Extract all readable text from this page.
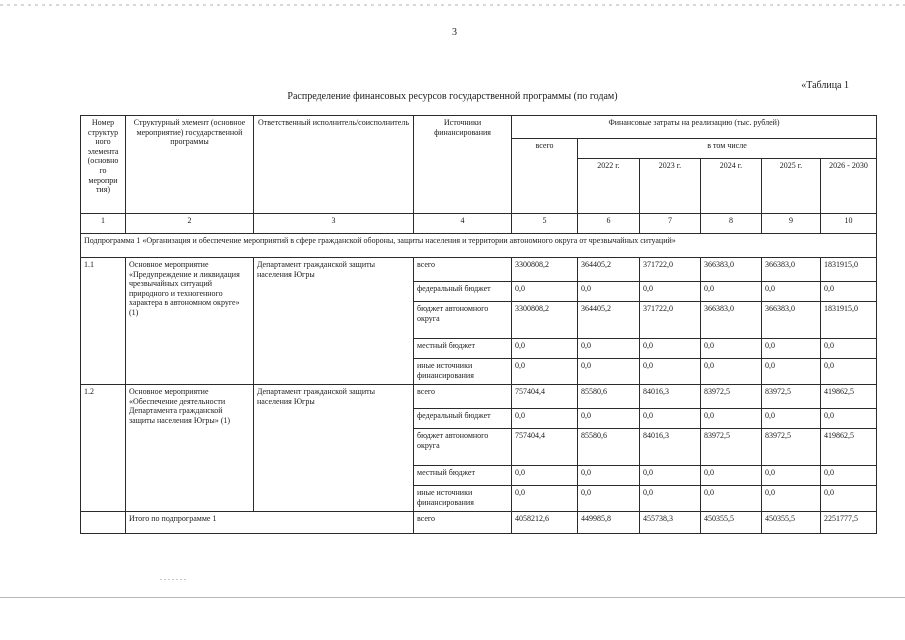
3
«Таблица 1
Распределение финансовых ресурсов государственной программы (по годам)
Номер структур ного элемента (основно го меропри тия)	Структурный элемент (основное мероприятие) государственной программы	Ответственный исполнитель/соисполнитель	Источники финансирования	Финансовые затраты на реализацию (тыс. рублей)					
				всего	в том числе				
					2022 г.	2023 г.	2024 г.	2025 г.	2026 - 2030
1	2	3	4	5	6	7	8	9	10
Подпрограмма 1 «Организация и обеспечение мероприятий в сфере гражданской обороны, защиты населения и территории автономного округа от чрезвычайных ситуаций»									
1.1	Основное мероприятие «Предупреждение и ликвидация чрезвычайных ситуаций природного и техногенного характера в автономном округе» (1)	Департамент гражданской защиты населения Югры	всего	3300808,2	364405,2	371722,0	366383,0	366383,0	1831915,0
			федеральный бюджет	0,0	0,0	0,0	0,0	0,0	0,0
			бюджет автономного округа	3300808,2	364405,2	371722,0	366383,0	366383,0	1831915,0
			местный бюджет	0,0	0,0	0,0	0,0	0,0	0,0
			иные источники финансирования	0,0	0,0	0,0	0,0	0,0	0,0
1.2	Основное мероприятие «Обеспечение деятельности Департамента гражданской защиты населения Югры» (1)	Департамент гражданской защиты населения Югры	всего	757404,4	85580,6	84016,3	83972,5	83972,5	419862,5
			федеральный бюджет	0,0	0,0	0,0	0,0	0,0	0,0
			бюджет автономного округа	757404,4	85580,6	84016,3	83972,5	83972,5	419862,5
			местный бюджет	0,0	0,0	0,0	0,0	0,0	0,0
			иные источники финансирования	0,0	0,0	0,0	0,0	0,0	0,0
	Итого по подпрограмме 1		всего	4058212,6	449985,8	455738,3	450355,5	450355,5	2251777,5
